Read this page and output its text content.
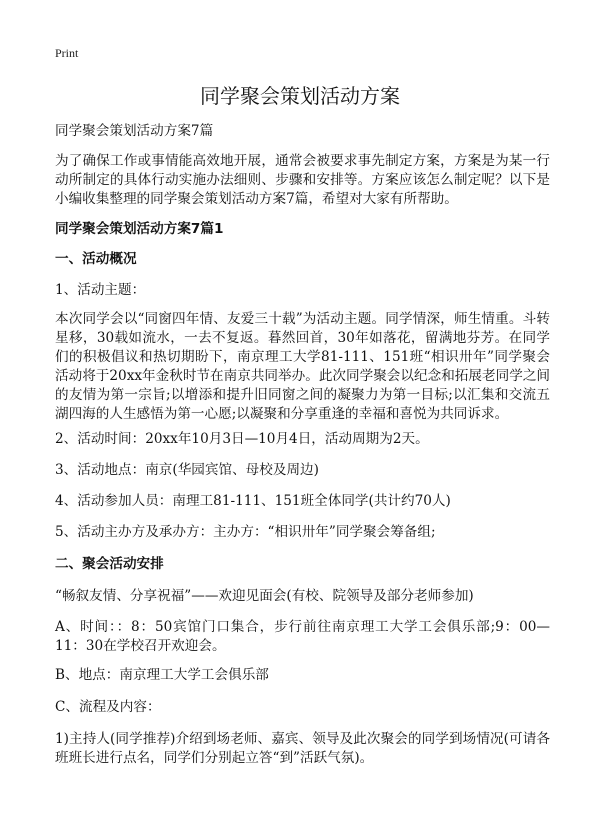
Print
同学聚会策划活动方案
同学聚会策划活动方案7篇
为了确保工作或事情能高效地开展，通常会被要求事先制定方案，方案是为某一行动所制定的具体行动实施办法细则、步骤和安排等。方案应该怎么制定呢？以下是小编收集整理的同学聚会策划活动方案7篇，希望对大家有所帮助。
同学聚会策划活动方案7篇1
一、活动概况
1、活动主题：
本次同学会以“同窗四年情、友爱三十载”为活动主题。同学情深，师生情重。斗转星移，30载如流水，一去不复返。暮然回首，30年如落花，留满地芬芳。在同学们的积极倡议和热切期盼下，南京理工大学81-111、151班“相识卅年”同学聚会活动将于20xx年金秋时节在南京共同举办。此次同学聚会以纪念和拓展老同学之间的友情为第一宗旨;以增添和提升旧同窗之间的凝聚力为第一目标;以汇集和交流五湖四海的人生感悟为第一心愿;以凝聚和分享重逢的幸福和喜悦为共同诉求。
2、活动时间：20xx年10月3日—10月4日，活动周期为2天。
3、活动地点：南京(华园宾馆、母校及周边)
4、活动参加人员：南理工81-111、151班全体同学(共计约70人)
5、活动主办方及承办方：主办方：“相识卅年”同学聚会筹备组;
二、聚会活动安排
“畅叙友情、分享祝福”——欢迎见面会(有校、院领导及部分老师参加)
A、时间：：8：50宾馆门口集合，步行前往南京理工大学工会俱乐部;9：00—11：30在学校召开欢迎会。
B、地点：南京理工大学工会俱乐部
C、流程及内容：
1)主持人(同学推荐)介绍到场老师、嘉宾、领导及此次聚会的同学到场情况(可请各班班长进行点名，同学们分别起立答“到”活跃气氛)。
